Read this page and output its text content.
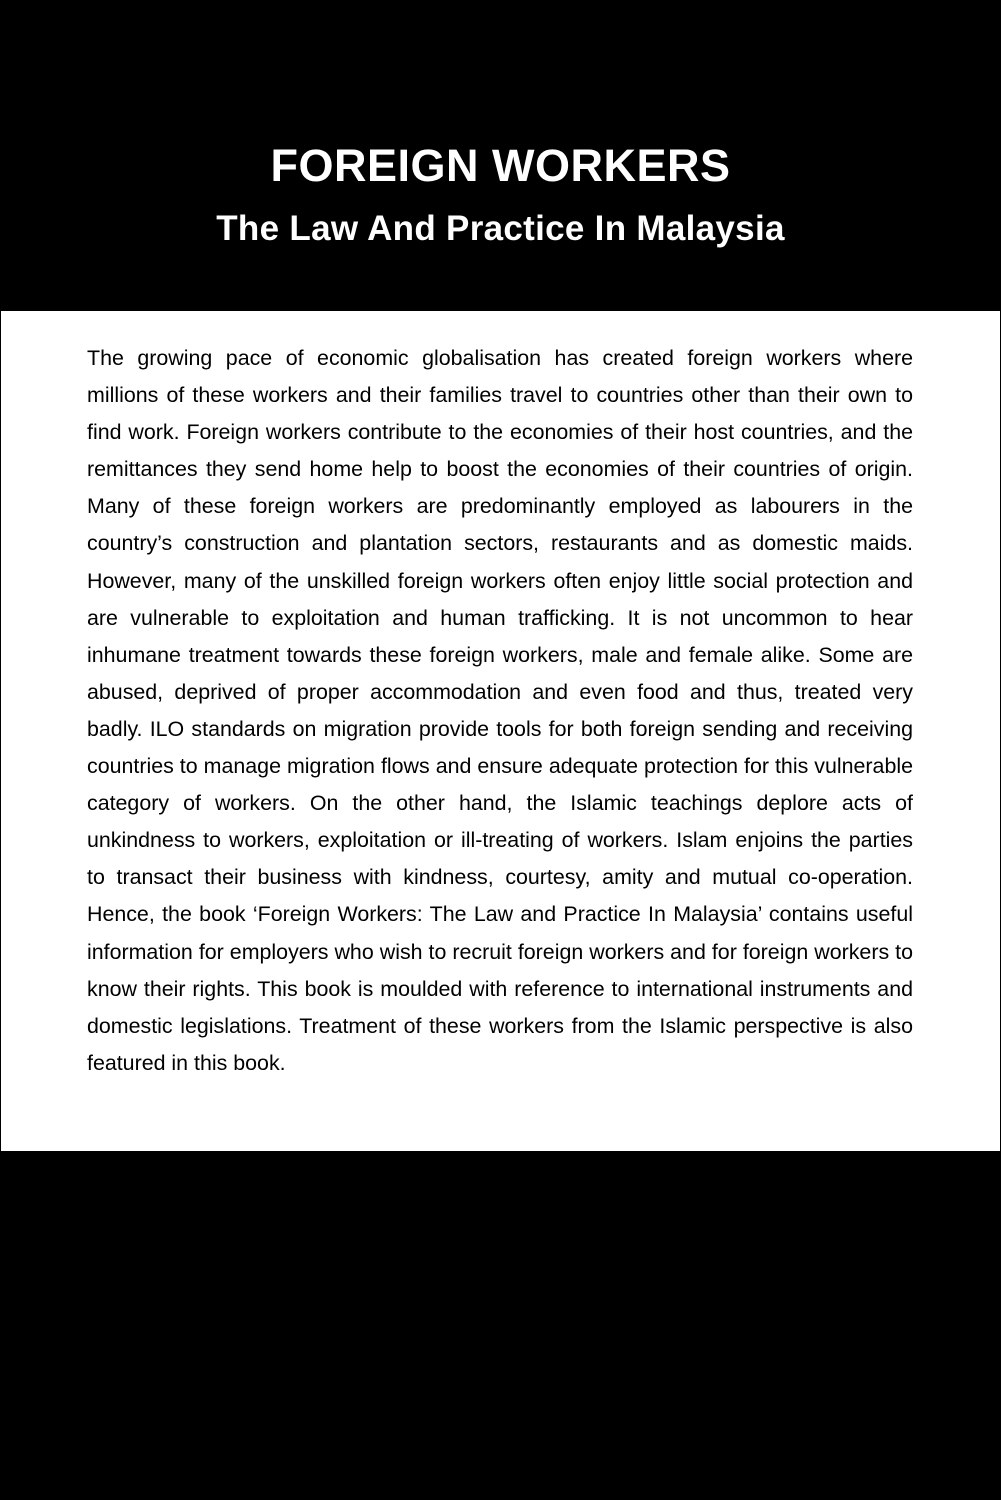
FOREIGN WORKERS
The Law And Practice In Malaysia

The growing pace of economic globalisation has created foreign workers where millions of these workers and their families travel to countries other than their own to find work. Foreign workers contribute to the economies of their host countries, and the remittances they send home help to boost the economies of their countries of origin. Many of these foreign workers are predominantly employed as labourers in the country’s construction and plantation sectors, restaurants and as domestic maids. However, many of the unskilled foreign workers often enjoy little social protection and are vulnerable to exploitation and human trafficking. It is not uncommon to hear inhumane treatment towards these foreign workers, male and female alike. Some are abused, deprived of proper accommodation and even food and thus, treated very badly. ILO standards on migration provide tools for both foreign sending and receiving countries to manage migration flows and ensure adequate protection for this vulnerable category of workers. On the other hand, the Islamic teachings deplore acts of unkindness to workers, exploitation or ill-treating of workers. Islam enjoins the parties to transact their business with kindness, courtesy, amity and mutual co-operation. Hence, the book ‘Foreign Workers: The Law and Practice In Malaysia’ contains useful information for employers who wish to recruit foreign workers and for foreign workers to know their rights. This book is moulded with reference to international instruments and domestic legislations. Treatment of these workers from the Islamic perspective is also featured in this book.
